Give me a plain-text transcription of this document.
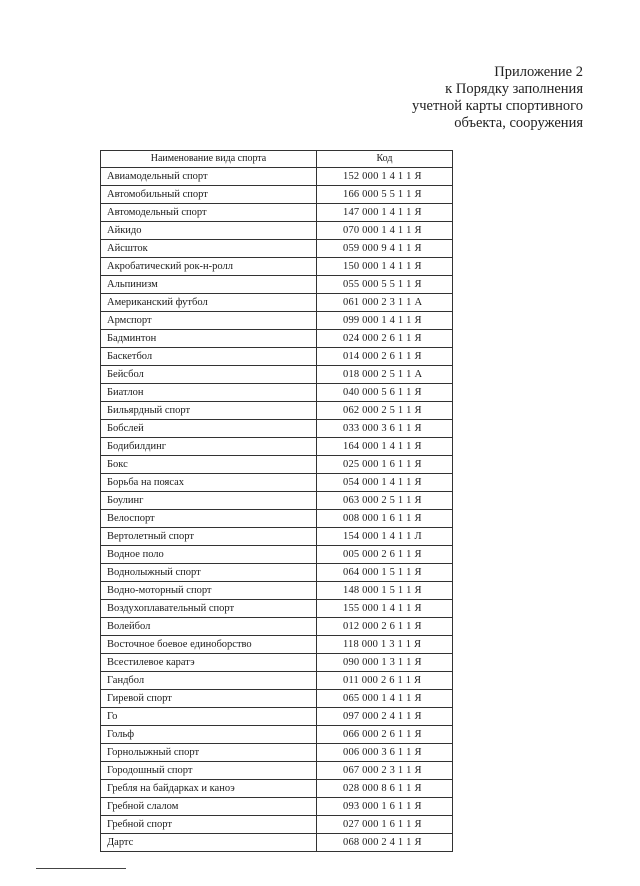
Приложение 2
к Порядку заполнения
учетной карты спортивного
объекта, сооружения
Наименование вида спорта	Код
Авиамодельный спорт	152 000 1 4 1 1 Я
Автомобильный спорт	166 000 5 5 1 1 Я
Автомодельный спорт	147 000 1 4 1 1 Я
Айкидо	070 000 1 4 1 1 Я
Айсшток	059 000 9 4 1 1 Я
Акробатический рок-н-ролл	150 000 1 4 1 1 Я
Альпинизм	055 000 5 5 1 1 Я
Американский футбол	061 000 2 3 1 1 А
Армспорт	099 000 1 4 1 1 Я
Бадминтон	024 000 2 6 1 1 Я
Баскетбол	014 000 2 6 1 1 Я
Бейсбол	018 000 2 5 1 1 А
Биатлон	040 000 5 6 1 1 Я
Бильярдный спорт	062 000 2 5 1 1 Я
Бобслей	033 000 3 6 1 1 Я
Бодибилдинг	164 000 1 4 1 1 Я
Бокс	025 000 1 6 1 1 Я
Борьба на поясах	054 000 1 4 1 1 Я
Боулинг	063 000 2 5 1 1 Я
Велоспорт	008 000 1 6 1 1 Я
Вертолетный спорт	154 000 1 4 1 1 Л
Водное поло	005 000 2 6 1 1 Я
Воднолыжный спорт	064 000 1 5 1 1 Я
Водно-моторный спорт	148 000 1 5 1 1 Я
Воздухоплавательный спорт	155 000 1 4 1 1 Я
Волейбол	012 000 2 6 1 1 Я
Восточное боевое единоборство	118 000 1 3 1 1 Я
Всестилевое каратэ	090 000 1 3 1 1 Я
Гандбол	011 000 2 6 1 1 Я
Гиревой спорт	065 000 1 4 1 1 Я
Го	097 000 2 4 1 1 Я
Гольф	066 000 2 6 1 1 Я
Горнолыжный спорт	006 000 3 6 1 1 Я
Городошный спорт	067 000 2 3 1 1 Я
Гребля на байдарках и каноэ	028 000 8 6 1 1 Я
Гребной слалом	093 000 1 6 1 1 Я
Гребной спорт	027 000 1 6 1 1 Я
Дартс	068 000 2 4 1 1 Я
